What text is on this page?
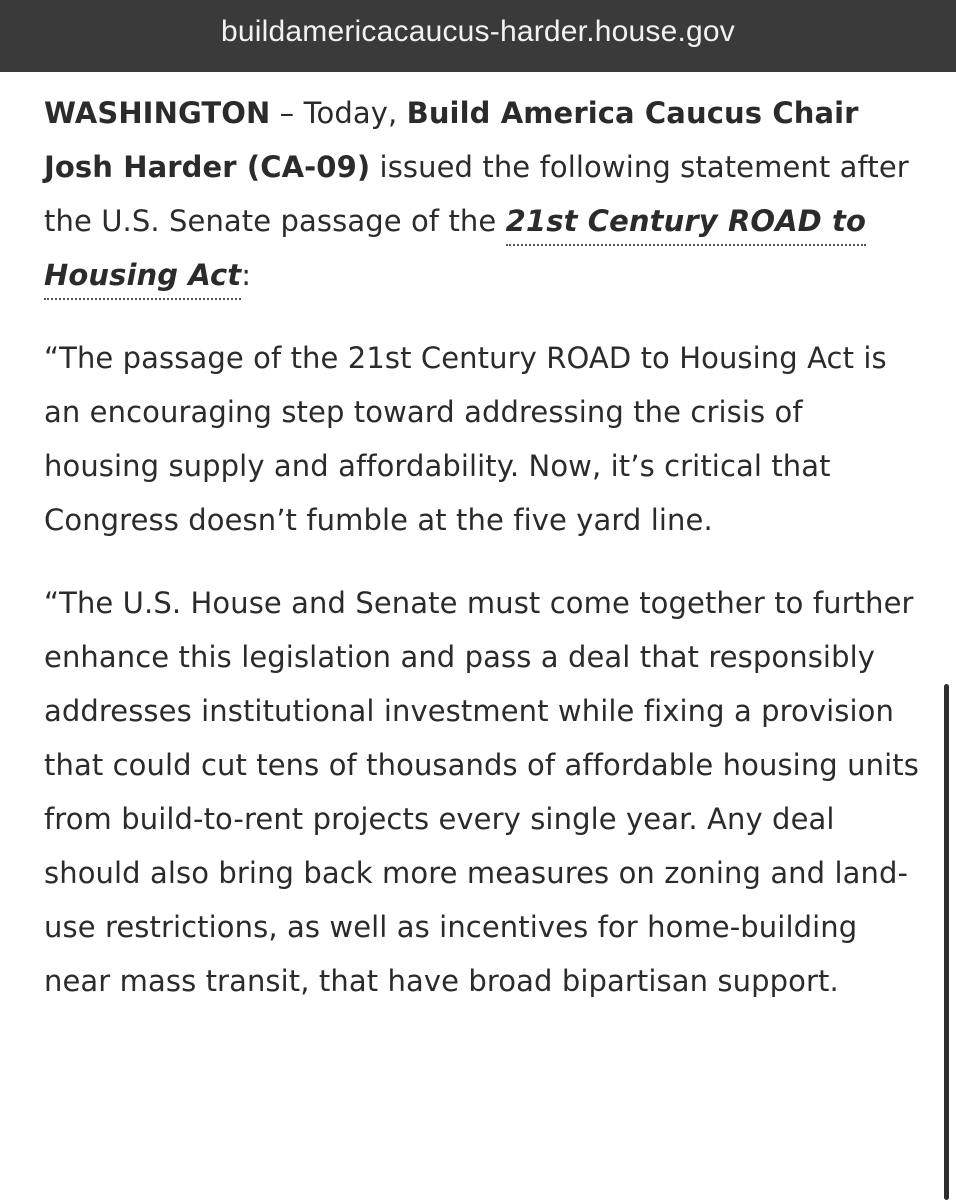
buildamericacaucus-harder.house.gov

WASHINGTON – Today, Build America Caucus Chair Josh Harder (CA-09) issued the following statement after the U.S. Senate passage of the 21st Century ROAD to Housing Act:

“The passage of the 21st Century ROAD to Housing Act is an encouraging step toward addressing the crisis of housing supply and affordability. Now, it’s critical that Congress doesn’t fumble at the five yard line.

“The U.S. House and Senate must come together to further enhance this legislation and pass a deal that responsibly addresses institutional investment while fixing a provision that could cut tens of thousands of affordable housing units from build-to-rent projects every single year. Any deal should also bring back more measures on zoning and land-use restrictions, as well as incentives for home-building near mass transit, that have broad bipartisan support.
